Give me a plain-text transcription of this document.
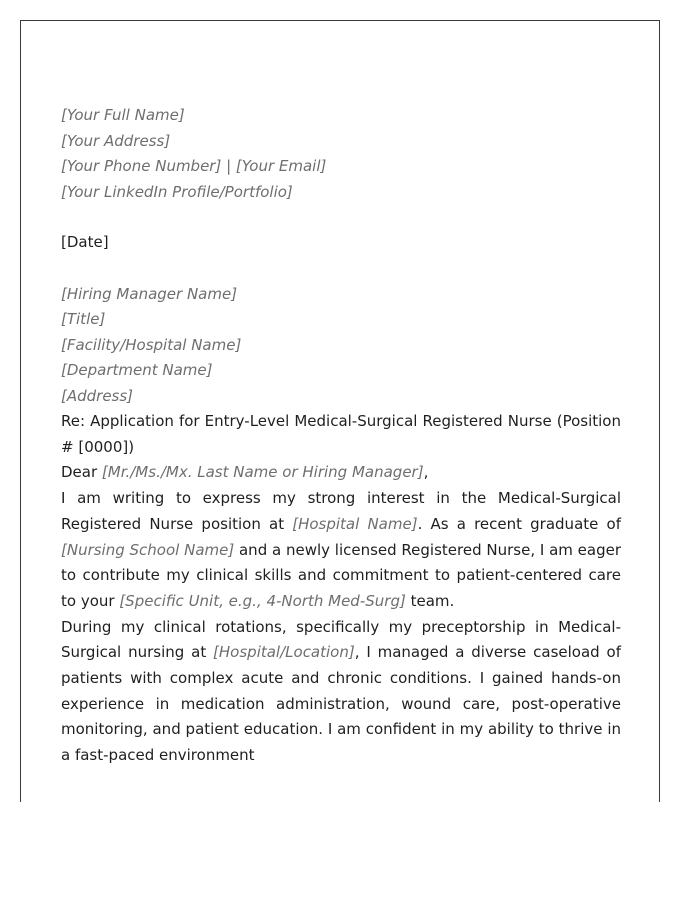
[Your Full Name]
[Your Address]
[Your Phone Number] | [Your Email]
[Your LinkedIn Profile/Portfolio]
[Date]
[Hiring Manager Name]
[Title]
[Facility/Hospital Name]
[Department Name]
[Address]

Re: Application for Entry-Level Medical-Surgical Registered Nurse (Position # [0000])

Dear [Mr./Ms./Mx. Last Name or Hiring Manager],

I am writing to express my strong interest in the Medical-Surgical Registered Nurse position at [Hospital Name]. As a recent graduate of [Nursing School Name] and a newly licensed Registered Nurse, I am eager to contribute my clinical skills and commitment to patient-centered care to your [Specific Unit, e.g., 4-North Med-Surg] team.

During my clinical rotations, specifically my preceptorship in Medical-Surgical nursing at [Hospital/Location], I managed a diverse caseload of patients with complex acute and chronic conditions. I gained hands-on experience in medication administration, wound care, post-operative monitoring, and patient education. I am confident in my ability to thrive in a fast-paced environment
